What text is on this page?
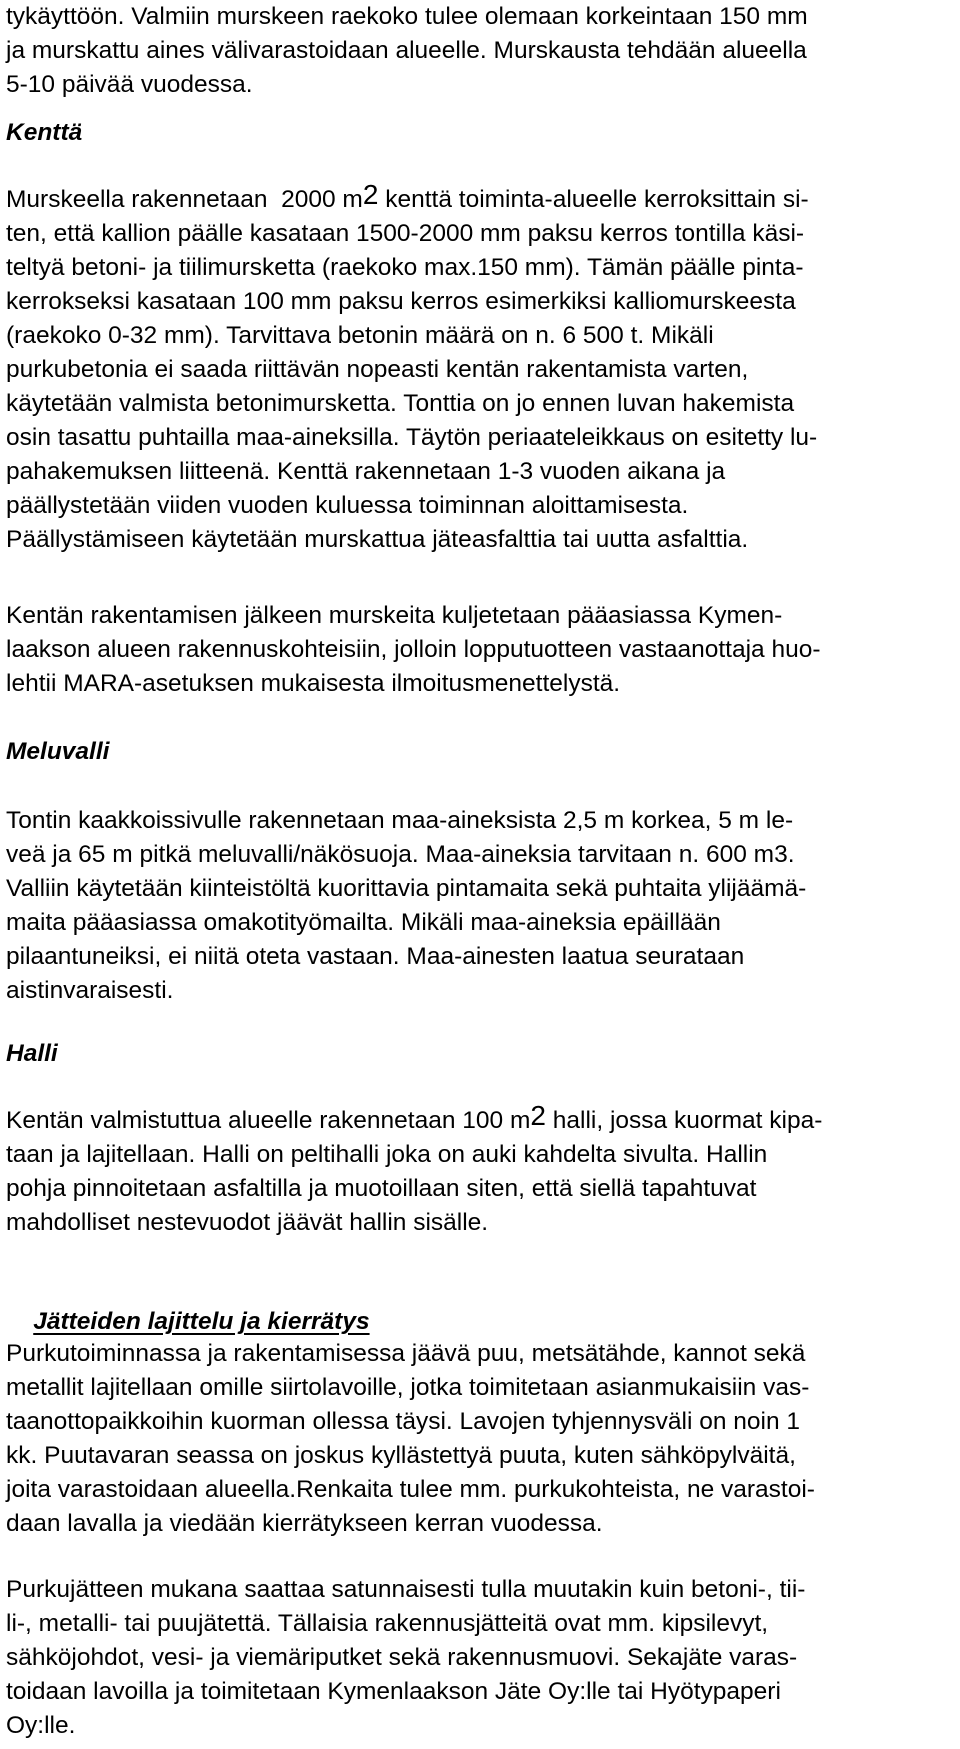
tykäyttöön. Valmiin murskeen raekoko tulee olemaan korkeintaan 150 mm
ja murskattu aines välivarastoidaan alueelle. Murskausta tehdään alueella
5-10 päivää vuodessa.
Kenttä
Murskeella rakennetaan  2000 $m^2$ kenttä toiminta-alueelle kerroksittain si-
ten, että kallion päälle kasataan 1500-2000 mm paksu kerros tontilla käsi-
teltyä betoni- ja tiilimursketta (raekoko max.150 mm). Tämän päälle pinta-
kerrokseksi kasataan 100 mm paksu kerros esimerkiksi kalliomurskeesta
(raekoko 0-32 mm). Tarvittava betonin määrä on n. 6 500 t. Mikäli
purkubetonia ei saada riittävän nopeasti kentän rakentamista varten,
käytetään valmista betonimursketta. Tonttia on jo ennen luvan hakemista
osin tasattu puhtailla maa-aineksilla. Täytön periaateleikkaus on esitetty lu-
pahakemuksen liitteenä. Kenttä rakennetaan 1-3 vuoden aikana ja
päällystetään viiden vuoden kuluessa toiminnan aloittamisesta.
Päällystämiseen käytetään murskattua jäteasfalttia tai uutta asfalttia.
Kentän rakentamisen jälkeen murskeita kuljetetaan pääasiassa Kymen-
laakson alueen rakennuskohteisiin, jolloin lopputuotteen vastaanottaja huo-
lehtii MARA-asetuksen mukaisesta ilmoitusmenettelystä.
Meluvalli
Tontin kaakkoissivulle rakennetaan maa-aineksista 2,5 m korkea, 5 m le-
veä ja 65 m pitkä meluvalli/näkösuoja. Maa-aineksia tarvitaan n. 600 m3.
Valliin käytetään kiinteistöltä kuorittavia pintamaita sekä puhtaita ylijäämä-
maita pääasiassa omakotityömailta. Mikäli maa-aineksia epäillään
pilaantuneiksi, ei niitä oteta vastaan. Maa-ainesten laatua seurataan
aistinvaraisesti.
Halli
Kentän valmistuttua alueelle rakennetaan 100 $m^2$ halli, jossa kuormat kipa-
taan ja lajitellaan. Halli on peltihalli joka on auki kahdelta sivulta. Hallin
pohja pinnoitetaan asfaltilla ja muotoillaan siten, että siellä tapahtuvat
mahdolliset nestevuodot jäävät hallin sisälle.

Jätteiden lajittelu ja kierrätys

Purkutoiminnassa ja rakentamisessa jäävä puu, metsätähde, kannot sekä
metallit lajitellaan omille siirtolavoille, jotka toimitetaan asianmukaisiin vas-
taanottopaikkoihin kuorman ollessa täysi. Lavojen tyhjennysväli on noin 1
kk. Puutavaran seassa on joskus kyllästettyä puuta, kuten sähköpylväitä,
joita varastoidaan alueella.Renkaita tulee mm. purkukohteista, ne varastoi-
daan lavalla ja viedään kierrätykseen kerran vuodessa.
Purkujätteen mukana saattaa satunnaisesti tulla muutakin kuin betoni-, tii-
li-, metalli- tai puujätettä. Tällaisia rakennusjätteitä ovat mm. kipsilevyt,
sähköjohdot, vesi- ja viemäriputket sekä rakennusmuovi. Sekajäte varas-
toidaan lavoilla ja toimitetaan Kymenlaakson Jäte Oy:lle tai Hyötypaperi
Oy:lle.
